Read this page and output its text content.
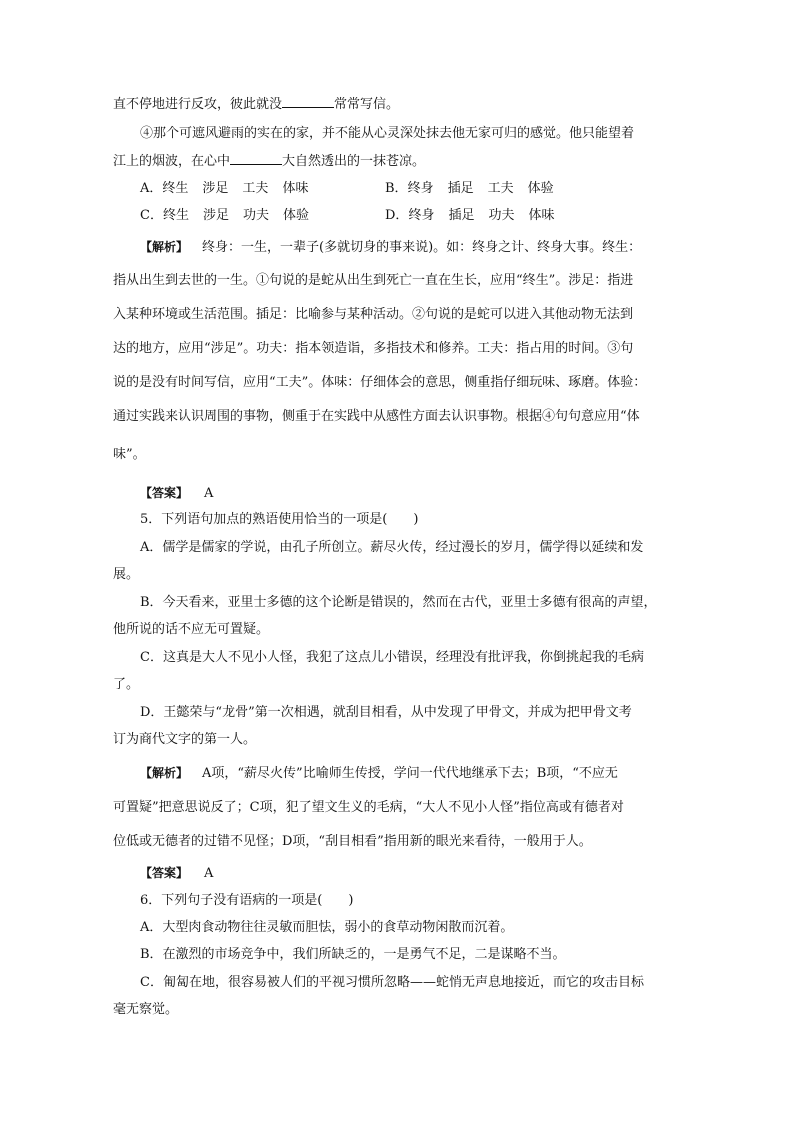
直不停地进行反攻，彼此就没	常常写信。
④那个可遮风避雨的实在的家，并不能从心灵深处抹去他无家可归的感觉。他只能望着
江上的烟波，在心中	大自然透出的一抹苍凉。
A．终生 涉足 工夫 体味	B．终身 插足 工夫 体验
C．终生 涉足 功夫 体验	D．终身 插足 功夫 体味
【解析】 终身：一生，一辈子(多就切身的事来说)。如：终身之计、终身大事。终生：
指从出生到去世的一生。①句说的是蛇从出生到死亡一直在生长，应用“终生”。涉足：指进
入某种环境或生活范围。插足：比喻参与某种活动。②句说的是蛇可以进入其他动物无法到
达的地方，应用“涉足”。功夫：指本领造诣，多指技术和修养。工夫：指占用的时间。③句
说的是没有时间写信，应用“工夫”。体味：仔细体会的意思，侧重指仔细玩味、琢磨。体验：
通过实践来认识周围的事物，侧重于在实践中从感性方面去认识事物。根据④句句意应用“体
味”。
【答案】 A
5．下列语句加点的熟语使用恰当的一项是(　　)
A．儒学是儒家的学说，由孔子所创立。薪尽火传，经过漫长的岁月，儒学得以延续和发
展。
B．今天看来，亚里士多德的这个论断是错误的，然而在古代，亚里士多德有很高的声望，
他所说的话不应无可置疑。
C．这真是大人不见小人怪，我犯了这点儿小错误，经理没有批评我，你倒挑起我的毛病
了。
D．王懿荣与“龙骨”第一次相遇，就刮目相看，从中发现了甲骨文，并成为把甲骨文考
订为商代文字的第一人。
【解析】 A项，“薪尽火传”比喻师生传授，学问一代代地继承下去；B项，“不应无
可置疑”把意思说反了；C项，犯了望文生义的毛病，“大人不见小人怪”指位高或有德者对
位低或无德者的过错不见怪；D项，“刮目相看”指用新的眼光来看待，一般用于人。
【答案】 A
6．下列句子没有语病的一项是(　　)
A．大型肉食动物往往灵敏而胆怯，弱小的食草动物闲散而沉着。
B．在激烈的市场竞争中，我们所缺乏的，一是勇气不足，二是谋略不当。
C．匍匐在地，很容易被人们的平视习惯所忽略——蛇悄无声息地接近，而它的攻击目标
毫无察觉。
